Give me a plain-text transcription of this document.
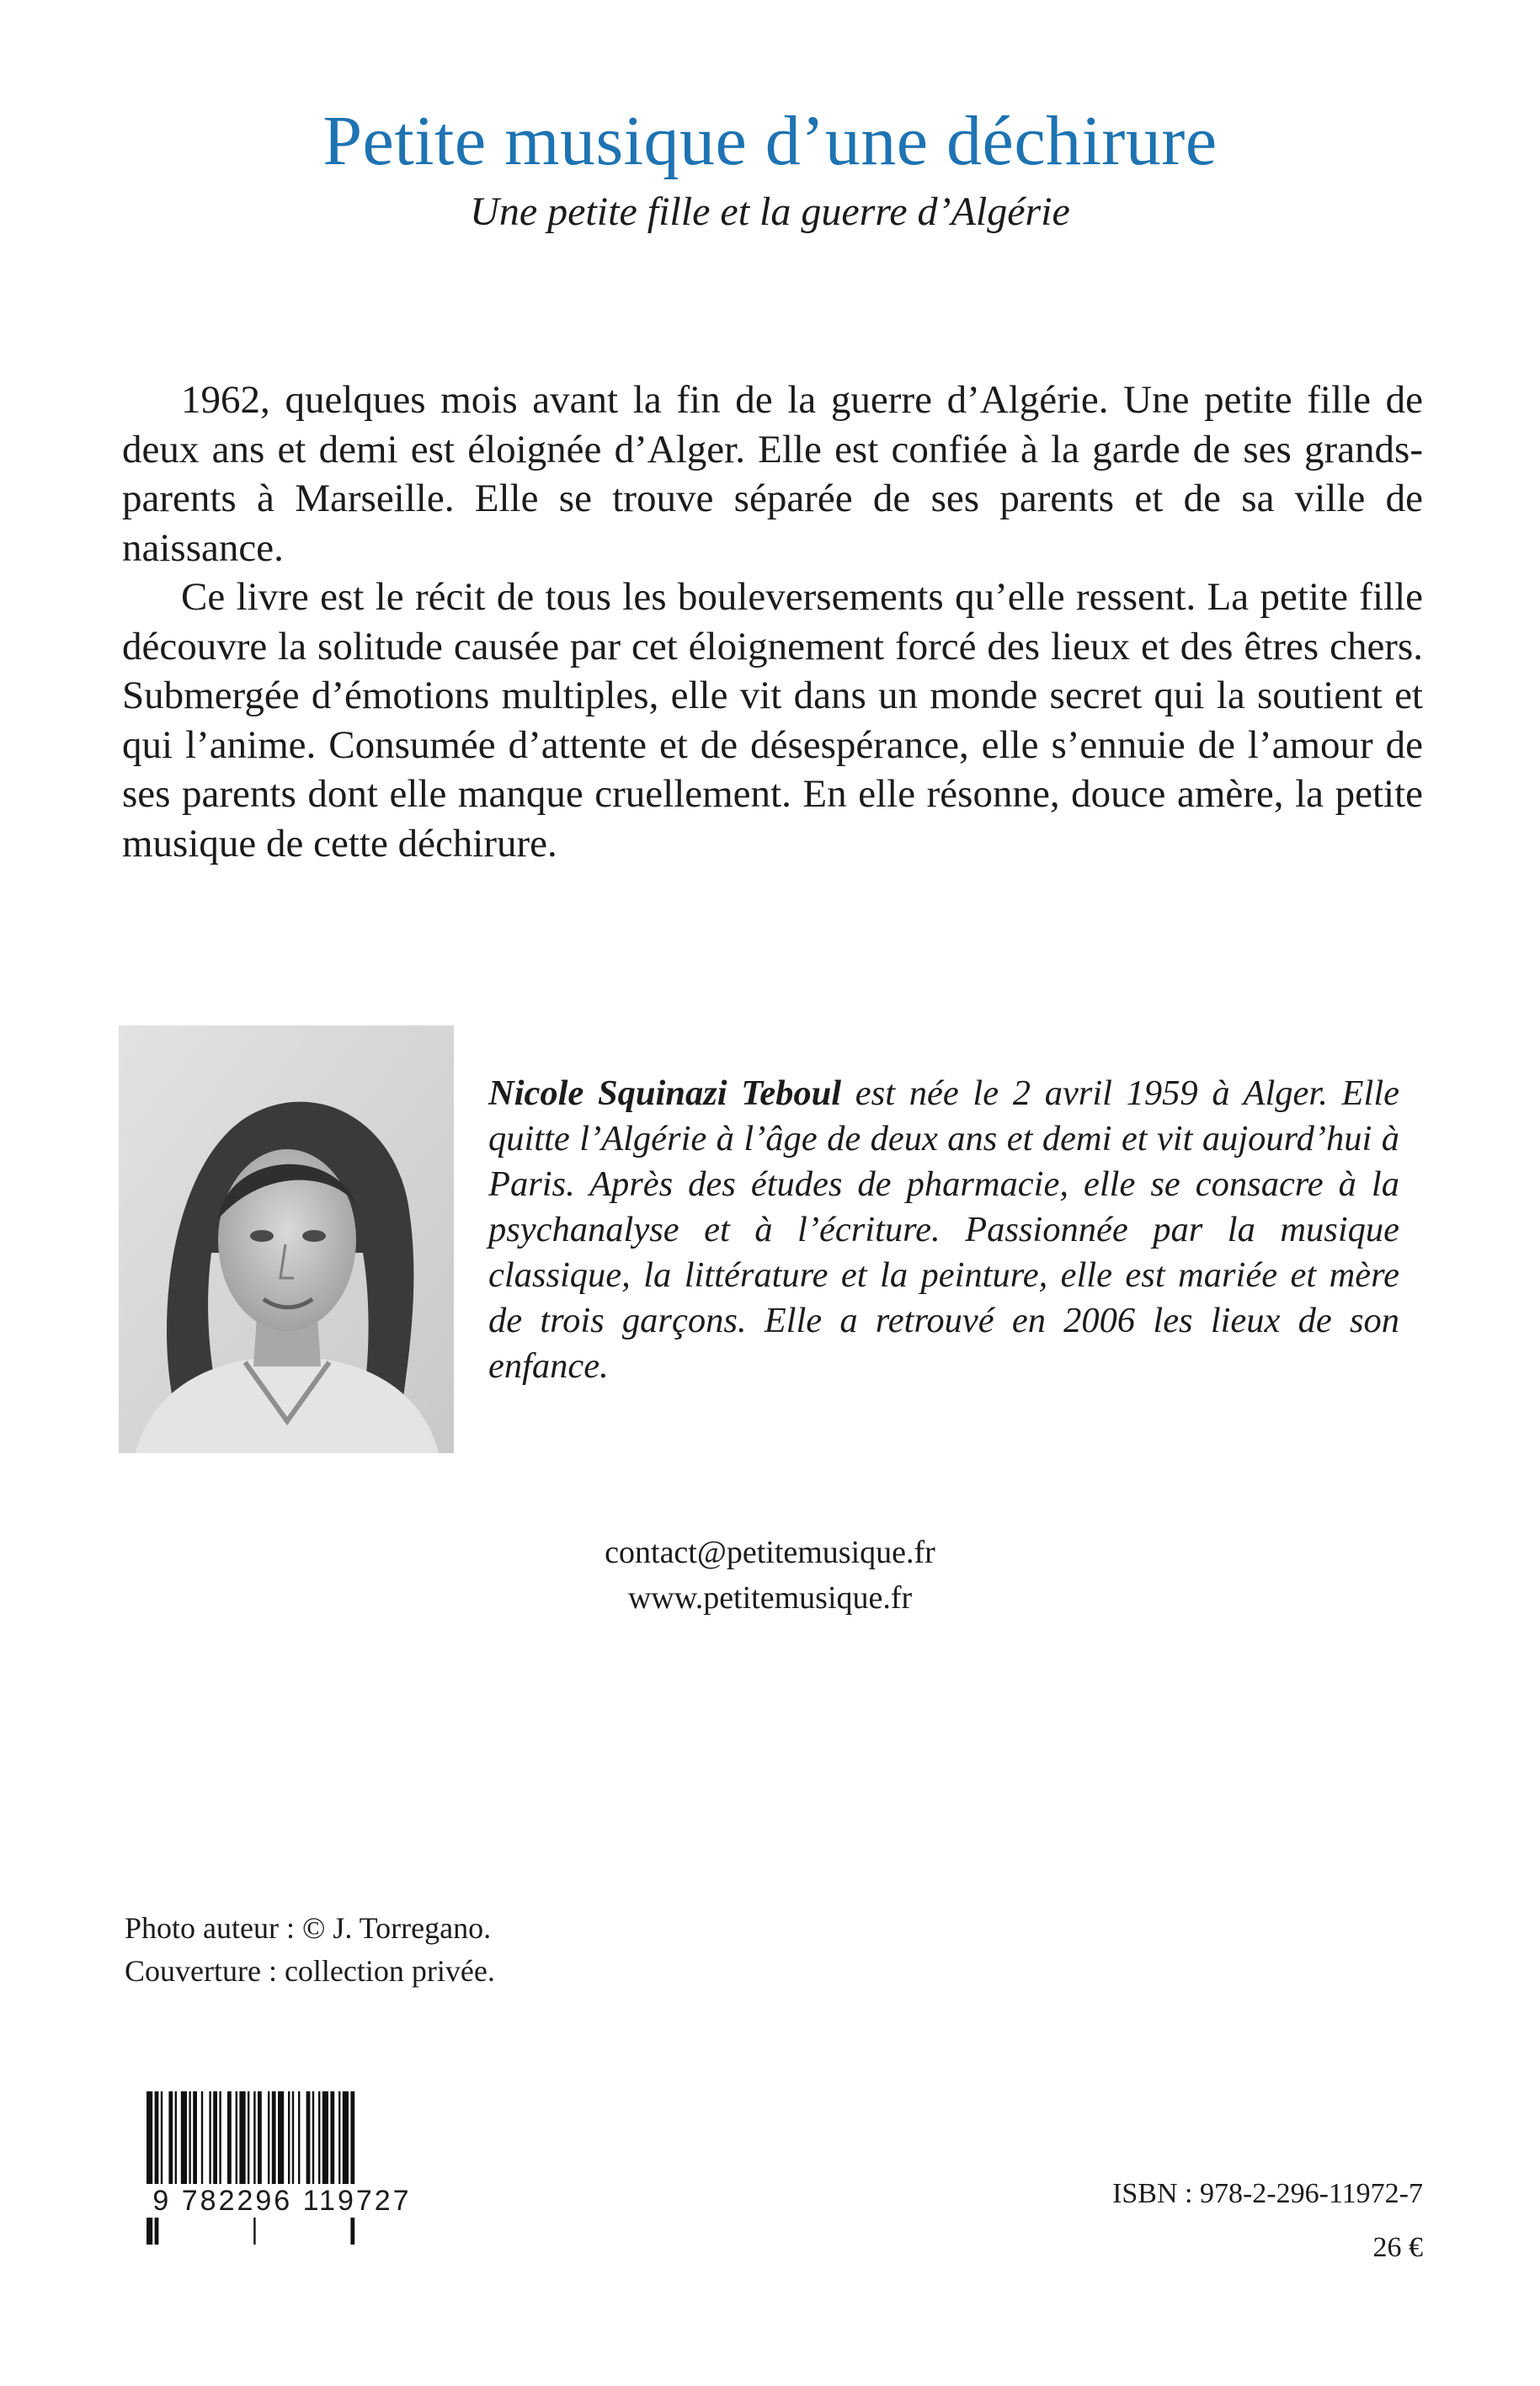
Petite musique d’une déchirure
Une petite fille et la guerre d’Algérie

1962, quelques mois avant la fin de la guerre d’Algérie. Une petite fille de deux ans et demi est éloignée d’Alger. Elle est confiée à la garde de ses grands-parents à Marseille. Elle se trouve séparée de ses parents et de sa ville de naissance.

Ce livre est le récit de tous les bouleversements qu’elle ressent. La petite fille découvre la solitude causée par cet éloignement forcé des lieux et des êtres chers. Submergée d’émotions multiples, elle vit dans un monde secret qui la soutient et qui l’anime. Consumée d’attente et de désespérance, elle s’ennuie de l’amour de ses parents dont elle manque cruellement. En elle résonne, douce amère, la petite musique de cette déchirure.

Nicole Squinazi Teboul est née le 2 avril 1959 à Alger. Elle quitte l’Algérie à l’âge de deux ans et demi et vit aujourd’hui à Paris. Après des études de pharmacie, elle se consacre à la psychanalyse et à l’écriture. Passionnée par la musique classique, la littérature et la peinture, elle est mariée et mère de trois garçons. Elle a retrouvé en 2006 les lieux de son enfance.
contact@petitemusique.fr
www.petitemusique.fr
Photo auteur : © J. Torregano.
Couverture : collection privée.
9 782296 119727	ISBN : 978-2-296-11972-7
26 €
